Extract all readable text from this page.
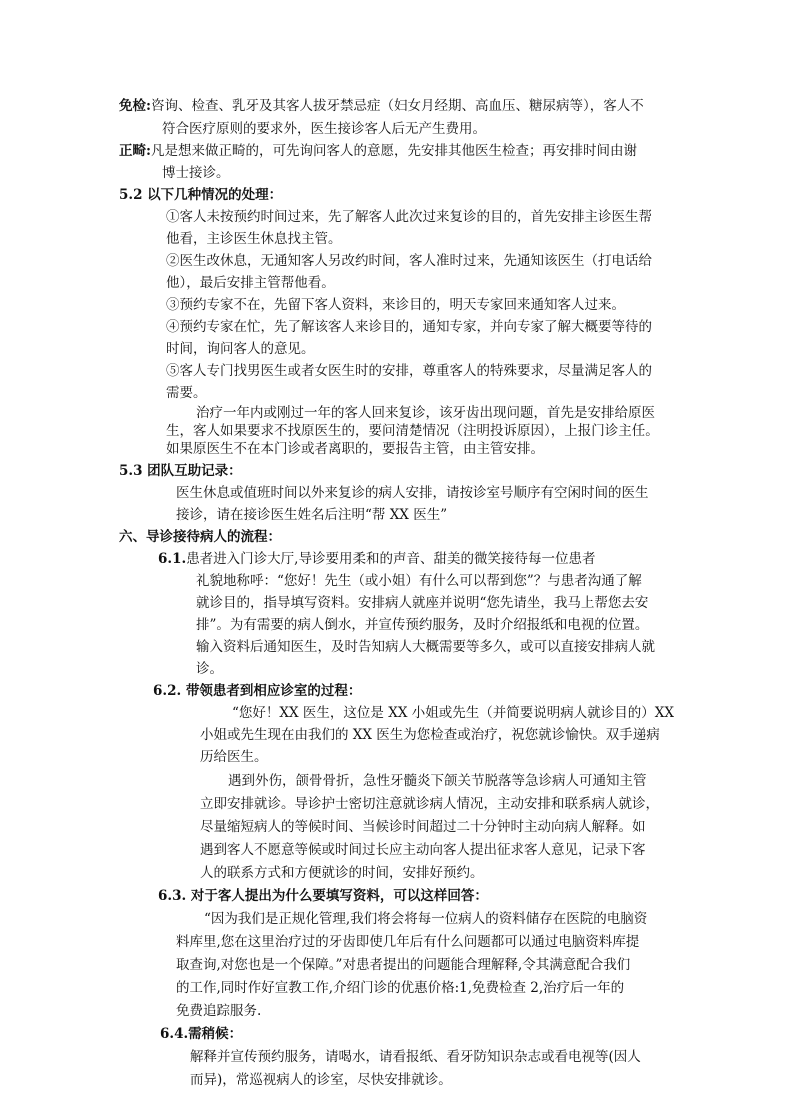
免检:咨询、检查、乳牙及其客人拔牙禁忌症（妇女月经期、高血压、糖尿病等），客人不
符合医疗原则的要求外，医生接诊客人后无产生费用。
正畸:凡是想来做正畸的，可先询问客人的意愿，先安排其他医生检查；再安排时间由谢
博士接诊。
5.2 以下几种情况的处理：
①客人未按预约时间过来，先了解客人此次过来复诊的目的，首先安排主诊医生帮
他看，主诊医生休息找主管。
②医生改休息，无通知客人另改约时间，客人准时过来，先通知该医生（打电话给
他），最后安排主管帮他看。
③预约专家不在，先留下客人资料，来诊目的，明天专家回来通知客人过来。
④预约专家在忙，先了解该客人来诊目的，通知专家，并向专家了解大概要等待的
时间，询问客人的意见。
⑤客人专门找男医生或者女医生时的安排，尊重客人的特殊要求，尽量满足客人的
需要。
治疗一年内或刚过一年的客人回来复诊，该牙齿出现问题，首先是安排给原医
生，客人如果要求不找原医生的，要问清楚情况（注明投诉原因），上报门诊主任。
如果原医生不在本门诊或者离职的，要报告主管，由主管安排。
5.3 团队互助记录：
医生休息或值班时间以外来复诊的病人安排，请按诊室号顺序有空闲时间的医生
接诊，请在接诊医生姓名后注明“帮 XX 医生”
六、导诊接待病人的流程：
6.1.患者进入门诊大厅,导诊要用柔和的声音、甜美的微笑接待每一位患者
礼貌地称呼：“您好！先生（或小姐）有什么可以帮到您”？与患者沟通了解
就诊目的，指导填写资料。安排病人就座并说明“您先请坐，我马上帮您去安
排”。为有需要的病人倒水，并宣传预约服务，及时介绍报纸和电视的位置。
输入资料后通知医生，及时告知病人大概需要等多久，或可以直接安排病人就
诊。
6.2. 带领患者到相应诊室的过程：
“您好！XX 医生，这位是 XX 小姐或先生（并简要说明病人就诊目的）XX
小姐或先生现在由我们的 XX 医生为您检查或治疗，祝您就诊愉快。双手递病
历给医生。
遇到外伤，颌骨骨折，急性牙髓炎下颌关节脱落等急诊病人可通知主管
立即安排就诊。导诊护士密切注意就诊病人情况，主动安排和联系病人就诊，
尽量缩短病人的等候时间、当候诊时间超过二十分钟时主动向病人解释。如
遇到客人不愿意等候或时间过长应主动向客人提出征求客人意见，记录下客
人的联系方式和方便就诊的时间，安排好预约。
6.3. 对于客人提出为什么要填写资料，可以这样回答：
“因为我们是正规化管理,我们将会将每一位病人的资料储存在医院的电脑资
料库里,您在这里治疗过的牙齿即使几年后有什么问题都可以通过电脑资料库提
取查询,对您也是一个保障。”对患者提出的问题能合理解释,令其满意配合我们
的工作,同时作好宣教工作,介绍门诊的优惠价格:1,免费检查 2,治疗后一年的
免费追踪服务.
6.4.需稍候：
解释并宣传预约服务，请喝水，请看报纸、看牙防知识杂志或看电视等(因人
而异)，常巡视病人的诊室，尽快安排就诊。
